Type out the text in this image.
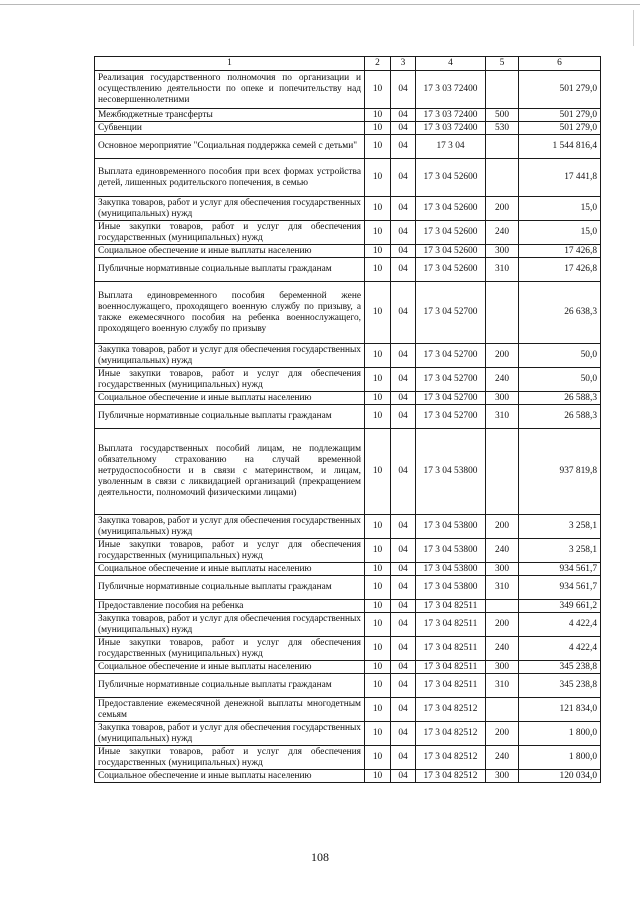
1	2	3	4	5	6
Реализация государственного полномочия по организации и осуществлению деятельности по опеке и попечительству над несовершеннолетними	10	04	17 3 03 72400		501 279,0
Межбюджетные трансферты	10	04	17 3 03 72400	500	501 279,0
Субвенции	10	04	17 3 03 72400	530	501 279,0
Основное мероприятие "Социальная поддержка семей с детьми"	10	04	17 3 04		1 544 816,4
Выплата единовременного пособия при всех формах устройства детей, лишенных родительского попечения, в семью	10	04	17 3 04 52600		17 441,8
Закупка товаров, работ и услуг для обеспечения государственных (муниципальных) нужд	10	04	17 3 04 52600	200	15,0
Иные закупки товаров, работ и услуг для обеспечения государственных (муниципальных) нужд	10	04	17 3 04 52600	240	15,0
Социальное обеспечение и иные выплаты населению	10	04	17 3 04 52600	300	17 426,8
Публичные нормативные социальные выплаты гражданам	10	04	17 3 04 52600	310	17 426,8
Выплата единовременного пособия беременной жене военнослужащего, проходящего военную службу по призыву, а также ежемесячного пособия на ребенка военнослужащего, проходящего военную службу по призыву	10	04	17 3 04 52700		26 638,3
Закупка товаров, работ и услуг для обеспечения государственных (муниципальных) нужд	10	04	17 3 04 52700	200	50,0
Иные закупки товаров, работ и услуг для обеспечения государственных (муниципальных) нужд	10	04	17 3 04 52700	240	50,0
Социальное обеспечение и иные выплаты населению	10	04	17 3 04 52700	300	26 588,3
Публичные нормативные социальные выплаты гражданам	10	04	17 3 04 52700	310	26 588,3
Выплата государственных пособий лицам, не подлежащим обязательному страхованию на случай временной нетрудоспособности и в связи с материнством, и лицам, уволенным в связи с ликвидацией организаций (прекращением деятельности, полномочий физическими лицами)	10	04	17 3 04 53800		937 819,8
Закупка товаров, работ и услуг для обеспечения государственных (муниципальных) нужд	10	04	17 3 04 53800	200	3 258,1
Иные закупки товаров, работ и услуг для обеспечения государственных (муниципальных) нужд	10	04	17 3 04 53800	240	3 258,1
Социальное обеспечение и иные выплаты населению	10	04	17 3 04 53800	300	934 561,7
Публичные нормативные социальные выплаты гражданам	10	04	17 3 04 53800	310	934 561,7
Предоставление пособия на ребенка	10	04	17 3 04 82511		349 661,2
Закупка товаров, работ и услуг для обеспечения государственных (муниципальных) нужд	10	04	17 3 04 82511	200	4 422,4
Иные закупки товаров, работ и услуг для обеспечения государственных (муниципальных) нужд	10	04	17 3 04 82511	240	4 422,4
Социальное обеспечение и иные выплаты населению	10	04	17 3 04 82511	300	345 238,8
Публичные нормативные социальные выплаты гражданам	10	04	17 3 04 82511	310	345 238,8
Предоставление ежемесячной денежной выплаты многодетным семьям	10	04	17 3 04 82512		121 834,0
Закупка товаров, работ и услуг для обеспечения государственных (муниципальных) нужд	10	04	17 3 04 82512	200	1 800,0
Иные закупки товаров, работ и услуг для обеспечения государственных (муниципальных) нужд	10	04	17 3 04 82512	240	1 800,0
Социальное обеспечение и иные выплаты населению	10	04	17 3 04 82512	300	120 034,0
108
